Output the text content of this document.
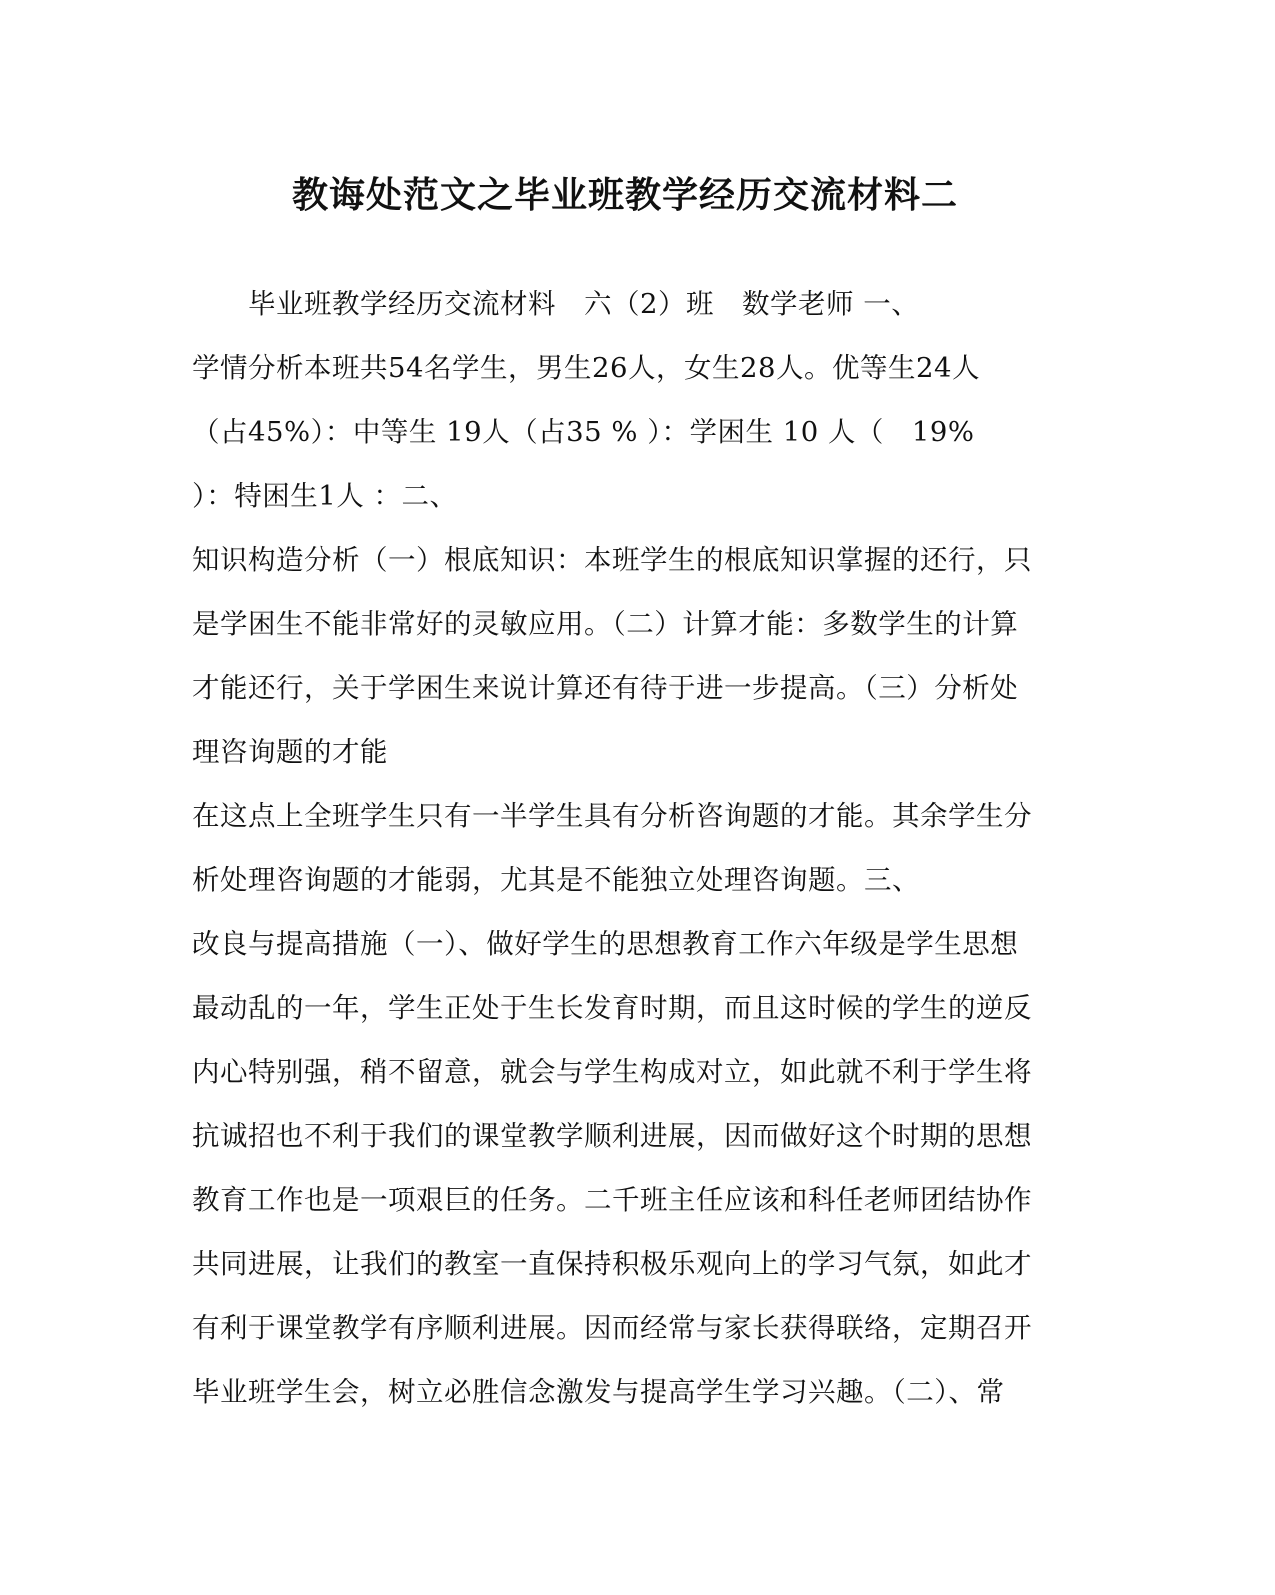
教诲处范文之毕业班教学经历交流材料二
毕业班教学经历交流材料　六（2）班　数学老师 一、
学情分析本班共54名学生，男生26人，女生28人。优等生24人
（占45%）：中等生 19人（占35 % ）：学困生 10 人（　19%
）：特困生1人 ：二、
知识构造分析（一）根底知识：本班学生的根底知识掌握的还行，只
是学困生不能非常好的灵敏应用。（二）计算才能：多数学生的计算
才能还行，关于学困生来说计算还有待于进一步提高。（三）分析处
理咨询题的才能
在这点上全班学生只有一半学生具有分析咨询题的才能。其余学生分
析处理咨询题的才能弱，尤其是不能独立处理咨询题。三、
改良与提高措施（一）、做好学生的思想教育工作六年级是学生思想
最动乱的一年，学生正处于生长发育时期，而且这时候的学生的逆反
内心特别强，稍不留意，就会与学生构成对立，如此就不利于学生将
抗诚招也不利于我们的课堂教学顺利进展，因而做好这个时期的思想
教育工作也是一项艰巨的任务。二千班主任应该和科任老师团结协作
共同进展，让我们的教室一直保持积极乐观向上的学习气氛，如此才
有利于课堂教学有序顺利进展。因而经常与家长获得联络，定期召开
毕业班学生会，树立必胜信念激发与提高学生学习兴趣。（二）、常
